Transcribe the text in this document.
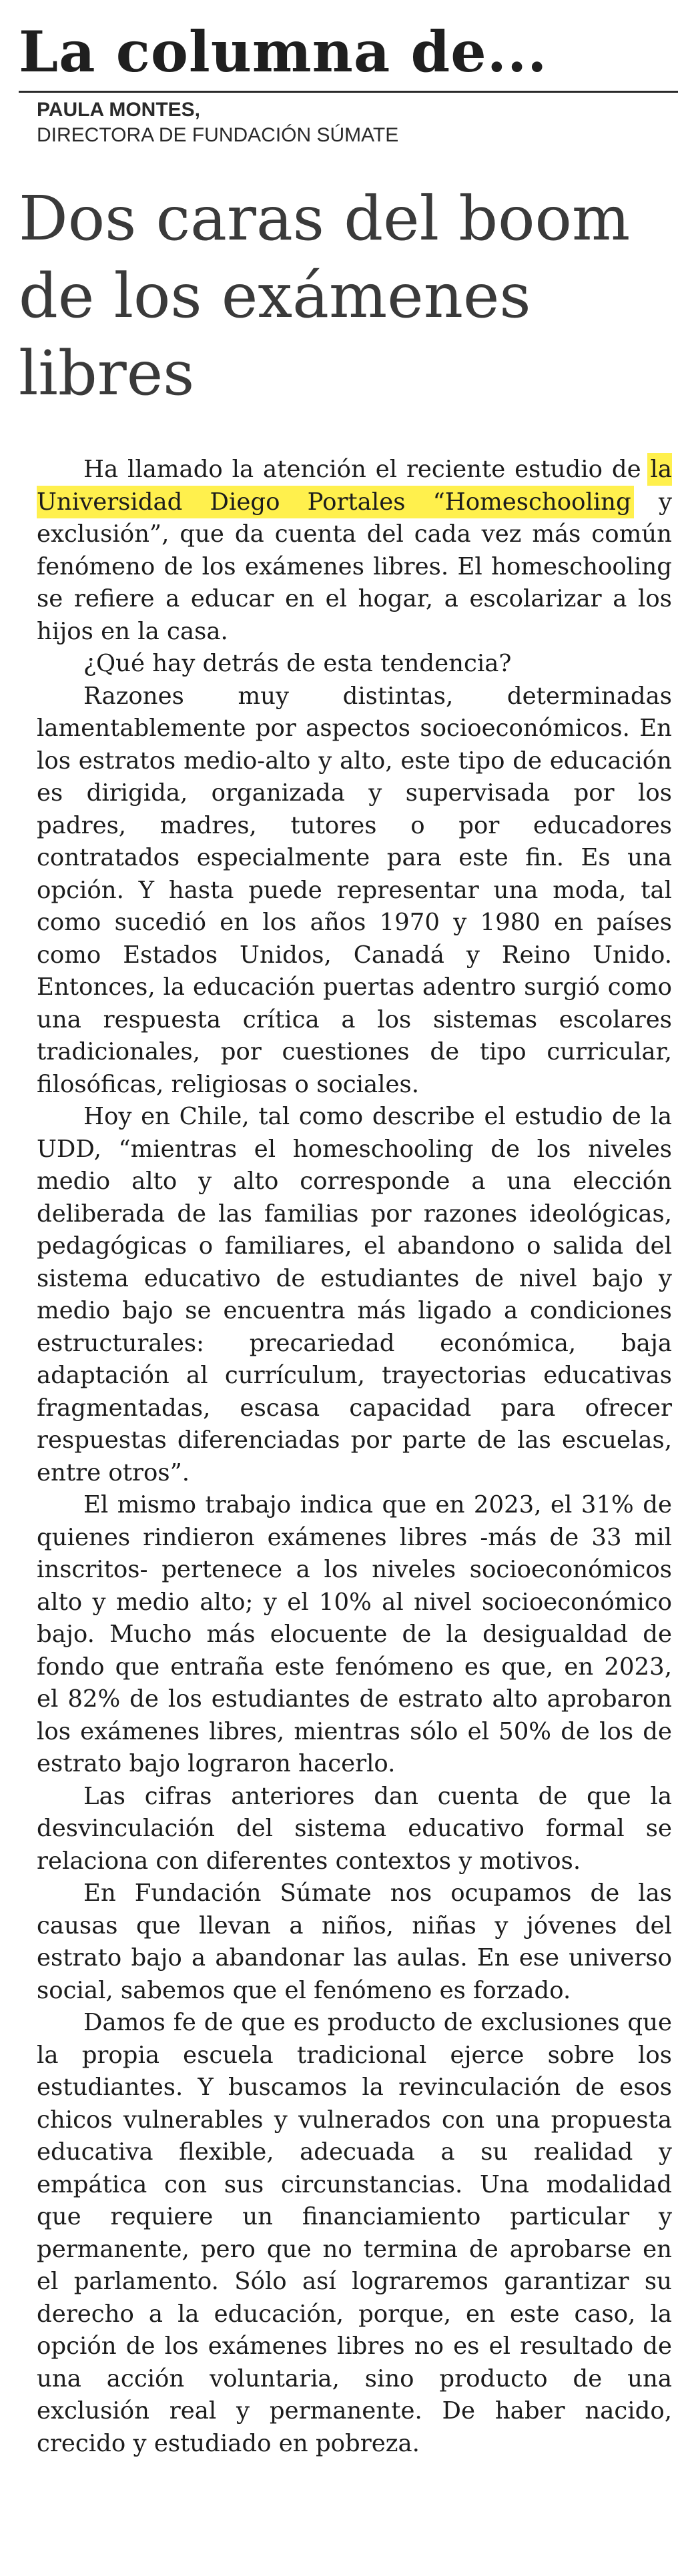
La columna de...
PAULA MONTES,
DIRECTORA DE FUNDACIÓN SÚMATE
Dos caras del boom de los exámenes libres

Ha llamado la atención el reciente estudio de la Universidad Diego Portales “Homeschooling y exclusión”, que da cuenta del cada vez más común fenómeno de los exámenes libres. El homeschooling se refiere a educar en el hogar, a escolarizar a los hijos en la casa.

¿Qué hay detrás de esta tendencia?

Razones muy distintas, determinadas lamentablemente por aspectos socioeconómicos. En los estratos medio-alto y alto, este tipo de educación es dirigida, organizada y supervisada por los padres, madres, tutores o por educadores contratados especialmente para este fin. Es una opción. Y hasta puede representar una moda, tal como sucedió en los años 1970 y 1980 en países como Estados Unidos, Canadá y Reino Unido. Entonces, la educación puertas adentro surgió como una respuesta crítica a los sistemas escolares tradicionales, por cuestiones de tipo curricular, filosóficas, religiosas o sociales.

Hoy en Chile, tal como describe el estudio de la UDD, “mientras el homeschooling de los niveles medio alto y alto corresponde a una elección deliberada de las familias por razones ideológicas, pedagógicas o familiares, el abandono o salida del sistema educativo de estudiantes de nivel bajo y medio bajo se encuentra más ligado a condiciones estructurales: precariedad económica, baja adaptación al currículum, trayectorias educativas fragmentadas, escasa capacidad para ofrecer respuestas diferenciadas por parte de las escuelas, entre otros”.

El mismo trabajo indica que en 2023, el 31% de quienes rindieron exámenes libres -más de 33 mil inscritos- pertenece a los niveles socioeconómicos alto y medio alto; y el 10% al nivel socioeconómico bajo. Mucho más elocuente de la desigualdad de fondo que entraña este fenómeno es que, en 2023, el 82% de los estudiantes de estrato alto aprobaron los exámenes libres, mientras sólo el 50% de los de estrato bajo lograron hacerlo.

Las cifras anteriores dan cuenta de que la desvinculación del sistema educativo formal se relaciona con diferentes contextos y motivos.

En Fundación Súmate nos ocupamos de las causas que llevan a niños, niñas y jóvenes del estrato bajo a abandonar las aulas. En ese universo social, sabemos que el fenómeno es forzado.

Damos fe de que es producto de exclusiones que la propia escuela tradicional ejerce sobre los estudiantes. Y buscamos la revinculación de esos chicos vulnerables y vulnerados con una propuesta educativa flexible, adecuada a su realidad y empática con sus circunstancias. Una modalidad que requiere un financiamiento particular y permanente, pero que no termina de aprobarse en el parlamento. Sólo así lograremos garantizar su derecho a la educación, porque, en este caso, la opción de los exámenes libres no es el resultado de una acción voluntaria, sino producto de una exclusión real y permanente. De haber nacido, crecido y estudiado en pobreza.
